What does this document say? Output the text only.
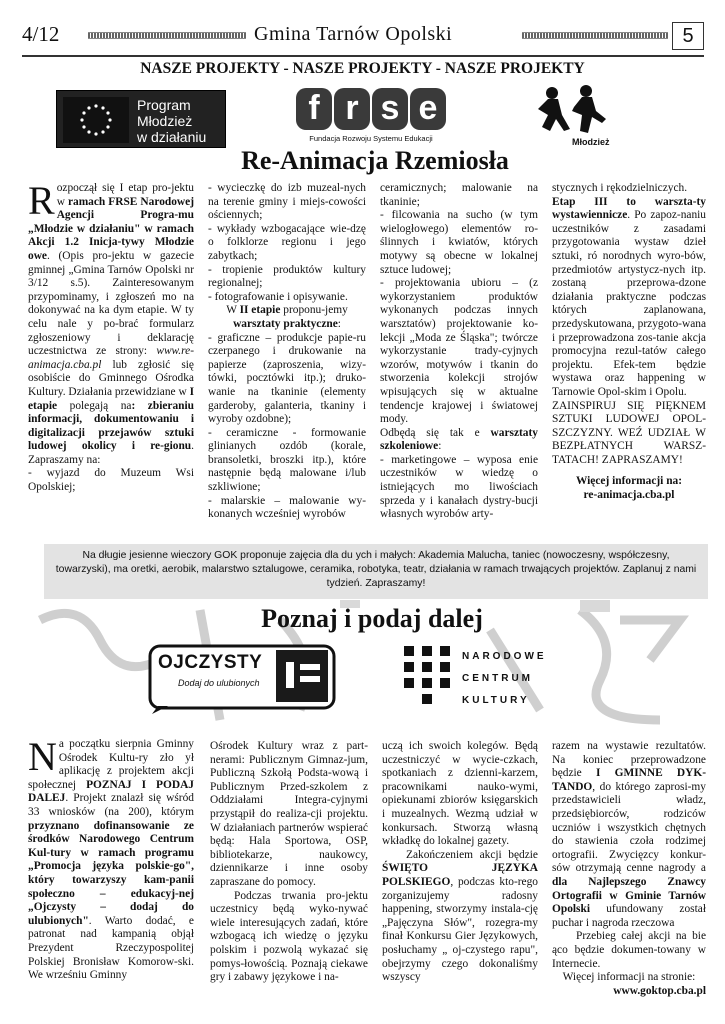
4/12	Gmina Tarnów Opolski	5
NASZE PROJEKTY - NASZE PROJEKTY - NASZE PROJEKTY
Program
Młodzież
w działaniu
f r s e
Fundacja Rozwoju Systemu Edukacji	Młodzież
Re-Animacja Rzemiosła

Rozpoczął się I etap pro-jektu w ramach FRSE Narodowej Agencji Progra-mu „Młodzie w działaniu" w ramach Akcji 1.2 Inicja-tywy Młodzie owe. (Opis pro-jektu w gazecie gminnej „Gmina Tarnów Opolski nr 3/12 s.5). Zainteresowanym przypominamy, i zgłoszeń mo na dokonywać na ka dym etapie. W ty celu nale y po-brać formularz zgłoszeniowy i deklarację uczestnictwa ze strony: www.re-animacja.cba.pl lub zgłosić się osobiście do Gminnego Ośrodka Kultury. Działania przewidziane w I etapie polegają na: zbieraniu informacji, dokumentowaniu i digitalizacji przejawów sztuki ludowej okolicy i re-gionu. Zapraszamy na:

- wyjazd do Muzeum Wsi Opolskiej;

- wycieczkę do izb muzeal-nych na terenie gminy i miejs-cowości ościennych;

- wykłady wzbogacające wie-dzę o folklorze regionu i jego zabytkach;

- tropienie produktów kultury regionalnej;

- fotografowanie i opisywanie.

W II etapie proponu-jemy warsztaty praktyczne:

- graficzne – produkcje papie-ru czerpanego i drukowanie na papierze (zaproszenia, wizy-tówki, pocztówki itp.); druko-wanie na tkaninie (elementy garderoby, galanteria, tkaniny i wyroby ozdobne);

- ceramiczne - formowanie glinianych ozdób (korale, bransoletki, broszki itp.), które następnie będą malowane i/lub szkliwione;

- malarskie – malowanie wy-konanych wcześniej wyrobów

ceramicznych; malowanie na tkaninie;

- filcowania na sucho (w tym wielogłowego) elementów ro-ślinnych i kwiatów, których motywy są obecne w lokalnej sztuce ludowej;

- projektowania ubioru – (z wykorzystaniem produktów wykonanych podczas innych warsztatów) projektowanie ko-lekcji „Moda ze Śląska"; twórcze wykorzystanie trady-cyjnych wzorów, motywów i tkanin do stworzenia kolekcji strojów wpisujących się w aktualne tendencje krajowej i światowej mody.

Odbędą się tak e warsztaty szkoleniowe:

- marketingowe – wyposa enie uczestników w wiedzę o istniejących mo liwościach sprzeda y i kanałach dystry-bucji własnych wyrobów arty-

stycznych i rękodzielniczych.

Etap III to warszta-ty wystawiennicze. Po zapoz-naniu uczestników z zasadami przygotowania wystaw dzieł sztuki, ró norodnych wyro-bów, przedmiotów artystycz-nych itp. zostaną przeprowa-dzone działania praktyczne podczas których zaplanowana, przedyskutowana, przygoto-wana i przeprowadzona zos-tanie akcja promocyjna rezul-tatów całego projektu. Efek-tem będzie wystawa oraz happening w Tarnowie Opol-skim i Opolu.

ZAINSPIRUJ SIĘ PIĘKNEM SZTUKI LUDOWEJ OPOL-SZCZYZNY. WEŹ UDZIAŁ W BEZPŁATNYCH WARSZ-TATACH! ZAPRASZAMY!

Więcej informacji na:

re-animacja.cba.pl

Na długie jesienne wieczory GOK proponuje zajęcia dla du ych i małych: Akademia Malucha, taniec (nowoczesny, współczesny, towarzyski), ma oretki, aerobik, malarstwo sztalugowe, ceramika, robotyka, teatr, działania w ramach trwających projektów. Zaplanuj z nami tydzień. Zapraszamy!
Poznaj i podaj dalej
OJCZYSTY
Dodaj do ulubionych
NARODOWE
CENTRUM
KULTURY

Na początku sierpnia Gminny Ośrodek Kultu-ry zło ył aplikację z projektem akcji społecznej POZNAJ I PODAJ DALEJ. Projekt znalazł się wśród 33 wniosków (na 200), którym przyznano dofinansowanie ze środków Narodowego Centrum Kul-tury w ramach programu „Promocja języka polskie-go", który towarzyszy kam-panii społeczno – edukacyj-nej „Ojczysty – dodaj do ulubionych". Warto dodać, e patronat nad kampanią objął Prezydent Rzeczypospolitej Polskiej Bronisław Komorow-ski. We wrześniu Gminny

Ośrodek Kultury wraz z part-nerami: Publicznym Gimnaz-jum, Publiczną Szkołą Podsta-wową i Publicznym Przed-szkolem z Oddziałami Integra-cyjnymi przystąpił do realiza-cji projektu. W działaniach partnerów wspierać będą: Hala Sportowa, OSP, bibliotekarze, naukowcy, dziennikarze i inne osoby zapraszane do pomocy.

Podczas trwania pro-jektu uczestnicy będą wyko-nywać wiele interesujących zadań, które wzbogacą ich wiedzę o języku polskim i pozwolą wykazać się pomys-łowością. Poznają ciekawe gry i zabawy językowe i na-

uczą ich swoich kolegów. Będą uczestniczyć w wycie-czkach, spotkaniach z dzienni-karzem, pracownikami nauko-wymi, opiekunami zbiorów księgarskich i muzealnych. Wezmą udział w konkursach. Stworzą własną wkładkę do lokalnej gazety.

Zakończeniem akcji będzie ŚWIĘTO JĘZYKA POLSKIEGO, podczas kto-rego zorganizujemy radosny happening, stworzymy instala-cję „Pajęczyna Słów", rozegra-my finał Konkursu Gier Językowych, posłuchamy „ oj-czystego rapu", obejrzymy czego dokonaliśmy wszyscy

razem na wystawie rezultatów. Na koniec przeprowadzone będzie I GMINNE DYK-TANDO, do którego zaprosi-my przedstawicieli władz, przedsiębiorców, rodziców uczniów i wszystkich chętnych do stawienia czoła rodzimej ortografii. Zwycięzcy konkur-sów otrzymają cenne nagrody a dla Najlepszego Znawcy Ortografii w Gminie Tarnów Opolski ufundowany został puchar i nagroda rzeczowa

Przebieg całej akcji na bie ąco będzie dokumen-towany w Internecie.

Więcej informacji na stronie:

www.goktop.cba.pl
